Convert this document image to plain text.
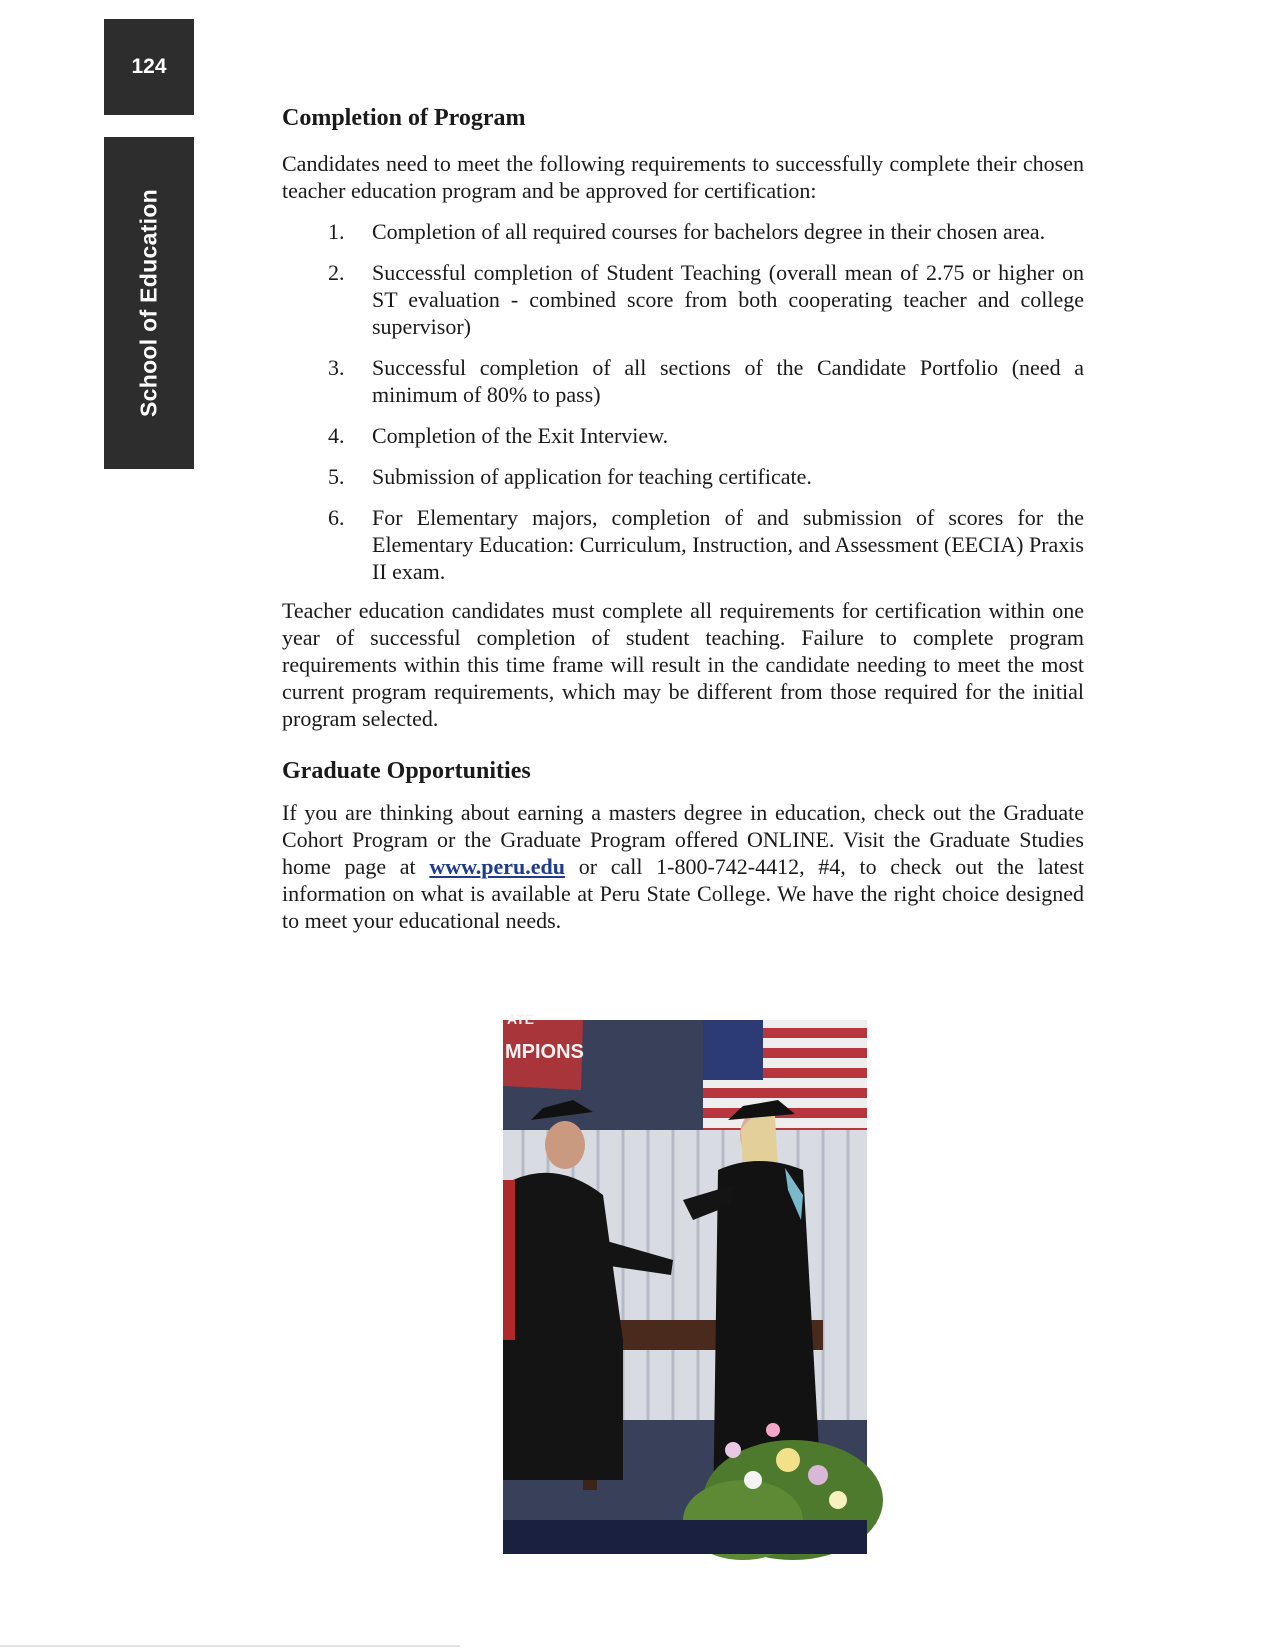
124
School of Education
Completion of Program

Candidates need to meet the following requirements to successfully complete their chosen teacher education program and be approved for certification:

1. Completion of all required courses for bachelors degree in their chosen area.
2. Successful completion of Student Teaching (overall mean of 2.75 or higher on ST evaluation - combined score from both cooperating teacher and college supervisor)
3. Successful completion of all sections of the Candidate Portfolio (need a minimum of 80% to pass)
4. Completion of the Exit Interview.
5. Submission of application for teaching certificate.
6. For Elementary majors, completion of and submission of scores for the Elementary Education: Curriculum, Instruction, and Assessment (EECIA) Praxis II exam.

Teacher education candidates must complete all requirements for certification within one year of successful completion of student teaching. Failure to complete program requirements within this time frame will result in the candidate needing to meet the most current program requirements, which may be different from those required for the initial program selected.

Graduate Opportunities

If you are thinking about earning a masters degree in education, check out the Graduate Cohort Program or the Graduate Program offered ONLINE. Visit the Graduate Studies home page at www.peru.edu or call 1-800-742-4412, #4, to check out the latest information on what is available at Peru State College. We have the right choice designed to meet your educational needs.

ATE
MPIONS
